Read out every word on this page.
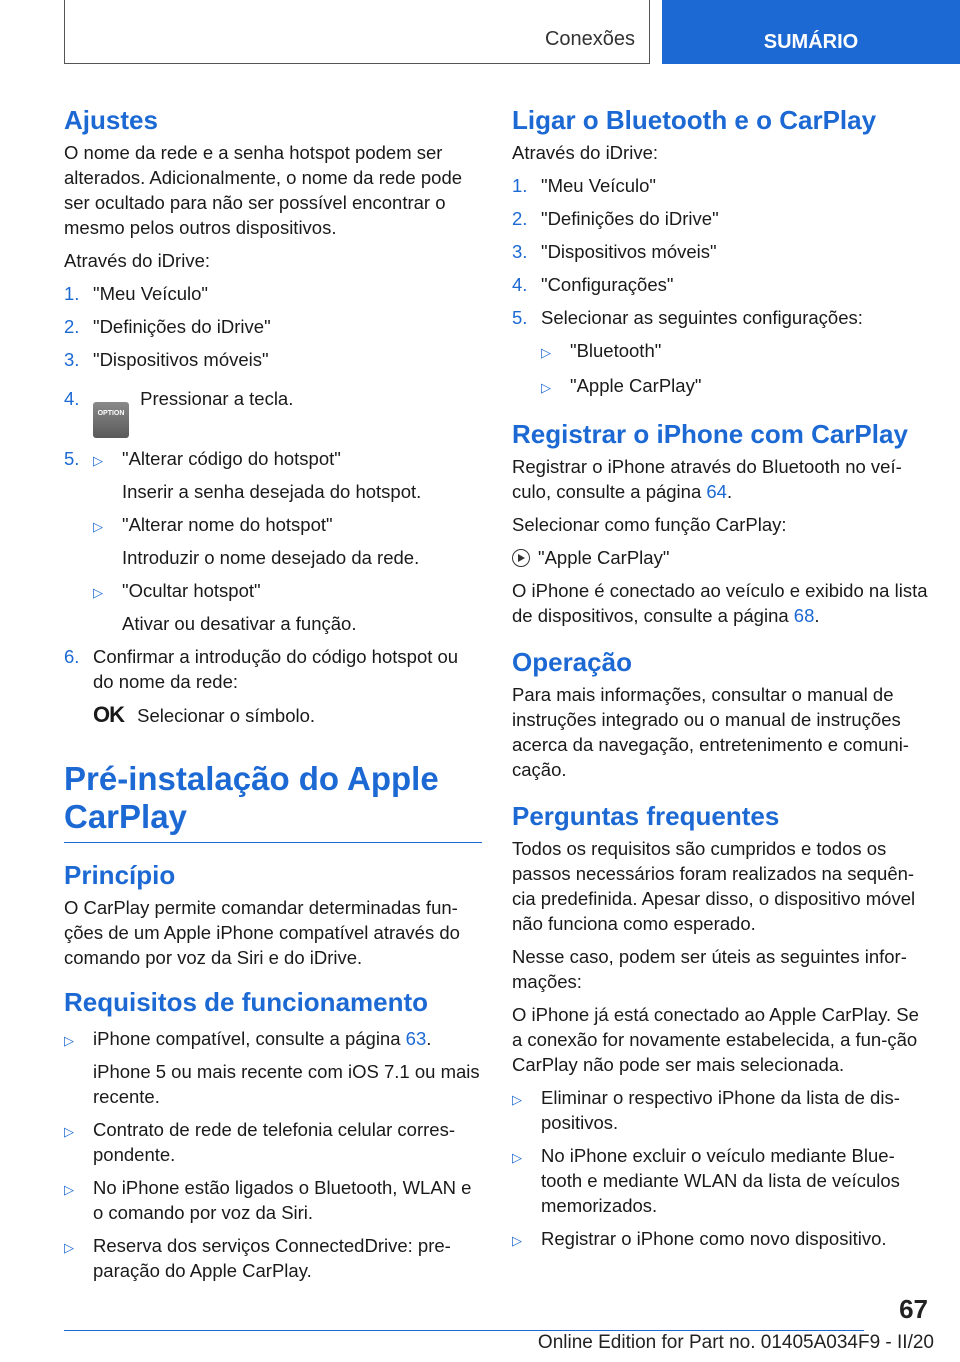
Conexões	SUMÁRIO
Ajustes

O nome da rede e a senha hotspot podem ser alterados. Adicionalmente, o nome da rede pode ser ocultado para não ser possível encontrar o mesmo pelos outros dispositivos.

Através do iDrive:

1. "Meu Veículo"
2. "Definições do iDrive"
3. "Dispositivos móveis"
4.
OPTION Pressionar a tecla.
5.	▷	"Alterar código do hotspot"
Inserir a senha desejada do hotspot.
▷	"Alterar nome do hotspot"
Introduzir o nome desejado da rede.
▷	"Ocultar hotspot"
Ativar ou desativar a função.
6. Confirmar a introdução do código hotspot ou do nome da rede:
OK Selecionar o símbolo.
Pré-instalação do Apple CarPlay
Princípio

O CarPlay permite comandar determinadas fun‐ções de um Apple iPhone compatível através do comando por voz da Siri e do iDrive.

Requisitos de funcionamento
▷	iPhone compatível, consulte a página 63.
iPhone 5 ou mais recente com iOS 7.1 ou mais recente.
▷	Contrato de rede de telefonia celular corres‐pondente.
▷	No iPhone estão ligados o Bluetooth, WLAN e o comando por voz da Siri.
▷	Reserva dos serviços ConnectedDrive: pre‐paração do Apple CarPlay.
Ligar o Bluetooth e o CarPlay

Através do iDrive:

1. "Meu Veículo"
2. "Definições do iDrive"
3. "Dispositivos móveis"
4. "Configurações"
5. Selecionar as seguintes configurações:
▷	"Bluetooth"
▷	"Apple CarPlay"
Registrar o iPhone com CarPlay

Registrar o iPhone através do Bluetooth no veí‐culo, consulte a página 64.

Selecionar como função CarPlay:

"Apple CarPlay"

O iPhone é conectado ao veículo e exibido na lista de dispositivos, consulte a página 68.

Operação

Para mais informações, consultar o manual de instruções integrado ou o manual de instruções acerca da navegação, entretenimento e comuni‐cação.

Perguntas frequentes

Todos os requisitos são cumpridos e todos os passos necessários foram realizados na sequên‐cia predefinida. Apesar disso, o dispositivo móvel não funciona como esperado.

Nesse caso, podem ser úteis as seguintes infor‐mações:

O iPhone já está conectado ao Apple CarPlay. Se a conexão for novamente estabelecida, a fun‐ção CarPlay não pode ser mais selecionada.

▷	Eliminar o respectivo iPhone da lista de dis‐positivos.
▷	No iPhone excluir o veículo mediante Blue‐tooth e mediante WLAN da lista de veículos memorizados.
▷	Registrar o iPhone como novo dispositivo.
67
Online Edition for Part no. 01405A034F9 - II/20
